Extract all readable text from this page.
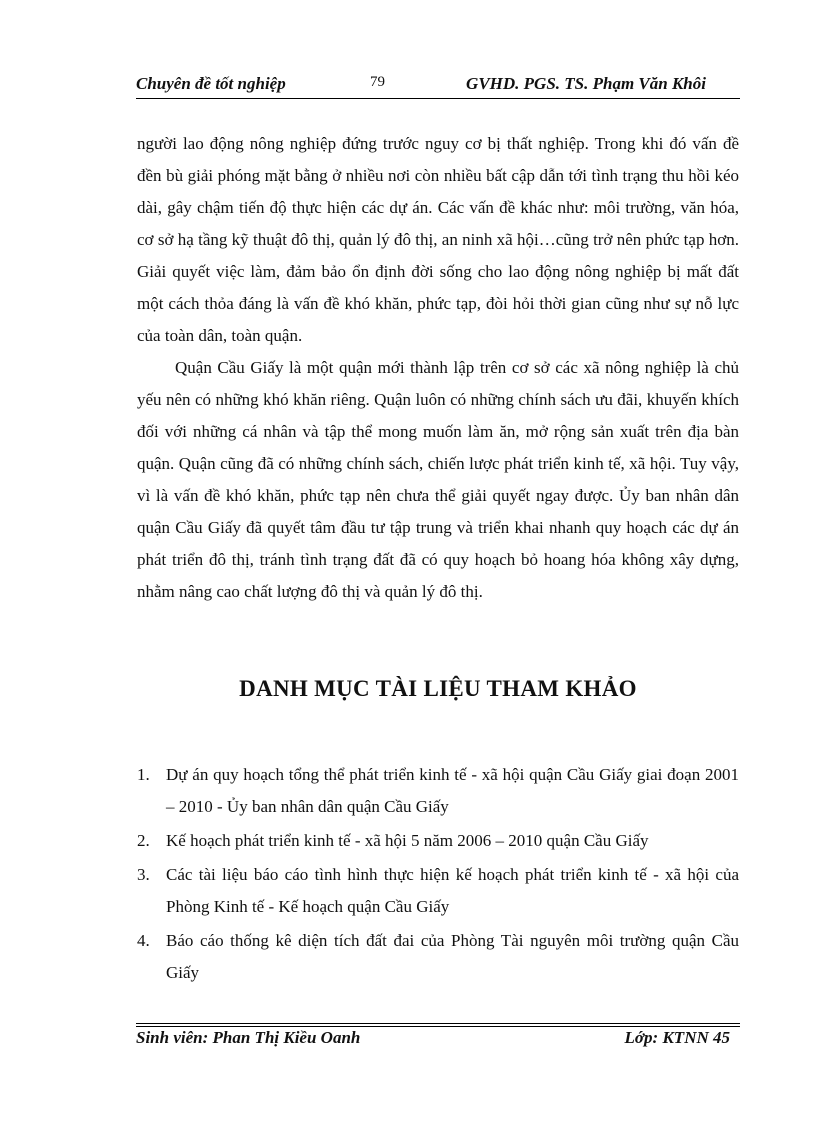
Chuyên đề tốt nghiệp	79	GVHD. PGS. TS. Phạm Văn Khôi

người lao động nông nghiệp đứng trước nguy cơ bị thất nghiệp. Trong khi đó vấn đề đền bù giải phóng mặt bằng ở nhiều nơi còn nhiều bất cập dẫn tới tình trạng thu hồi kéo dài, gây chậm tiến độ thực hiện các dự án. Các vấn đề khác như: môi trường, văn hóa, cơ sở hạ tầng kỹ thuật đô thị, quản lý đô thị, an ninh xã hội…cũng trở nên phức tạp hơn. Giải quyết việc làm, đảm bảo ổn định đời sống cho lao động nông nghiệp bị mất đất một cách thỏa đáng là vấn đề khó khăn, phức tạp, đòi hỏi thời gian cũng như sự nỗ lực của toàn dân, toàn quận.

Quận Cầu Giấy là một quận mới thành lập trên cơ sở các xã nông nghiệp là chủ yếu nên có những khó khăn riêng. Quận luôn có những chính sách ưu đãi, khuyến khích đối với những cá nhân và tập thể mong muốn làm ăn, mở rộng sản xuất trên địa bàn quận. Quận cũng đã có những chính sách, chiến lược phát triển kinh tế, xã hội. Tuy vậy, vì là vấn đề khó khăn, phức tạp nên chưa thể giải quyết ngay được. Ủy ban nhân dân quận Cầu Giấy đã quyết tâm đầu tư tập trung và triển khai nhanh quy hoạch các dự án phát triển đô thị, tránh tình trạng đất đã có quy hoạch bỏ hoang hóa không xây dựng, nhằm nâng cao chất lượng đô thị và quản lý đô thị.

DANH MỤC TÀI LIỆU THAM KHẢO
1. Dự án quy hoạch tổng thể phát triển kinh tế - xã hội quận Cầu Giấy giai đoạn 2001 – 2010 - Ủy ban nhân dân quận Cầu Giấy
2. Kế hoạch phát triển kinh tế - xã hội 5 năm 2006 – 2010 quận Cầu Giấy
3. Các tài liệu báo cáo tình hình thực hiện kế hoạch phát triển kinh tế - xã hội của Phòng Kinh tế - Kế hoạch quận Cầu Giấy
4. Báo cáo thống kê diện tích đất đai của Phòng Tài nguyên môi trường quận Cầu Giấy
Sinh viên: Phan Thị Kiều Oanh	Lớp: KTNN 45
